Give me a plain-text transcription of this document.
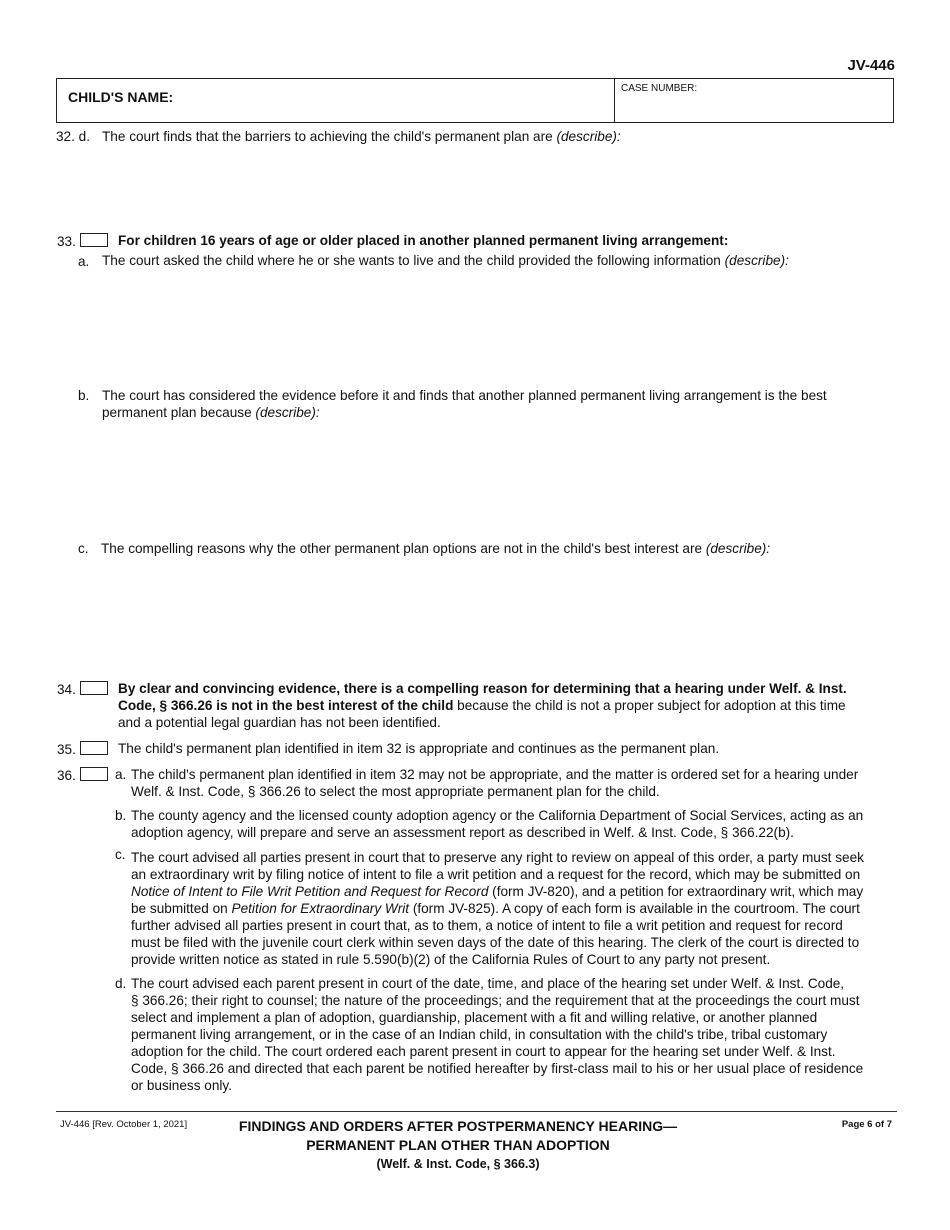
JV-446
CHILD'S NAME:
CASE NUMBER:
32. d. The court finds that the barriers to achieving the child's permanent plan are (describe):
33.	For children 16 years of age or older placed in another planned permanent living arrangement:
a. The court asked the child where he or she wants to live and the child provided the following information (describe):
b. The court has considered the evidence before it and finds that another planned permanent living arrangement is the best
permanent plan because (describe):
c. The compelling reasons why the other permanent plan options are not in the child's best interest are (describe):
34.	By clear and convincing evidence, there is a compelling reason for determining that a hearing under Welf. & Inst.
Code, § 366.26 is not in the best interest of the child because the child is not a proper subject for adoption at this time
and a potential legal guardian has not been identified.
35.	The child's permanent plan identified in item 32 is appropriate and continues as the permanent plan.
36.	a. The child's permanent plan identified in item 32 may not be appropriate, and the matter is ordered set for a hearing under
Welf. & Inst. Code, § 366.26 to select the most appropriate permanent plan for the child.
b. The county agency and the licensed county adoption agency or the California Department of Social Services, acting as an
adoption agency, will prepare and serve an assessment report as described in Welf. & Inst. Code, § 366.22(b).
c. The court advised all parties present in court that to preserve any right to review on appeal of this order, a party must seek
an extraordinary writ by filing notice of intent to file a writ petition and a request for the record, which may be submitted on
Notice of Intent to File Writ Petition and Request for Record (form JV-820), and a petition for extraordinary writ, which may
be submitted on Petition for Extraordinary Writ (form JV-825). A copy of each form is available in the courtroom. The court
further advised all parties present in court that, as to them, a notice of intent to file a writ petition and request for record
must be filed with the juvenile court clerk within seven days of the date of this hearing. The clerk of the court is directed to
provide written notice as stated in rule 5.590(b)(2) of the California Rules of Court to any party not present.
d. The court advised each parent present in court of the date, time, and place of the hearing set under Welf. & Inst. Code,
§ 366.26; their right to counsel; the nature of the proceedings; and the requirement that at the proceedings the court must
select and implement a plan of adoption, guardianship, placement with a fit and willing relative, or another planned
permanent living arrangement, or in the case of an Indian child, in consultation with the child's tribe, tribal customary
adoption for the child. The court ordered each parent present in court to appear for the hearing set under Welf. & Inst.
Code, § 366.26 and directed that each parent be notified hereafter by first-class mail to his or her usual place of residence
or business only.
JV-446 [Rev. October 1, 2021]	FINDINGS AND ORDERS AFTER POSTPERMANENCY HEARING—
PERMANENT PLAN OTHER THAN ADOPTION
(Welf. & Inst. Code, § 366.3)
Page 6 of 7
